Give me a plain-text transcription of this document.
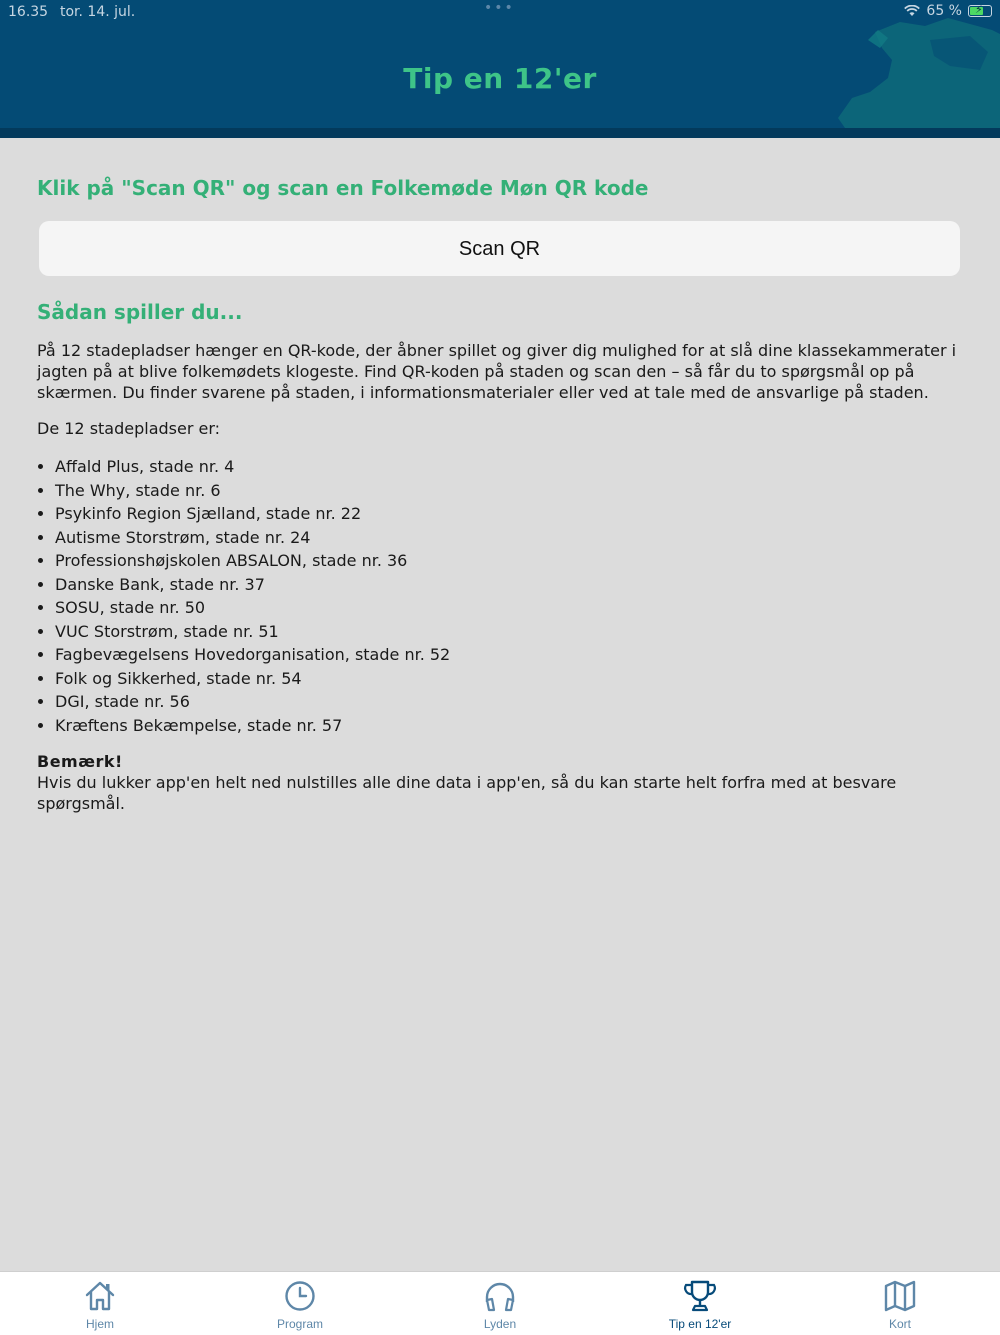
16.35 tor. 14. jul.	•••	65 % ⚡
Tip en 12'er
Klik på "Scan QR" og scan en Folkemøde Møn QR kode
Scan QR
Sådan spiller du...

På 12 stadepladser hænger en QR-kode, der åbner spillet og giver dig mulighed for at slå dine klassekammerater i jagten på at blive folkemødets klogeste. Find QR-koden på staden og scan den – så får du to spørgsmål op på skærmen. Du finder svarene på staden, i informationsmaterialer eller ved at tale med de ansvarlige på staden.

De 12 stadepladser er:

• Affald Plus, stade nr. 4
• The Why, stade nr. 6
• Psykinfo Region Sjælland, stade nr. 22
• Autisme Storstrøm, stade nr. 24
• Professionshøjskolen ABSALON, stade nr. 36
• Danske Bank, stade nr. 37
• SOSU, stade nr. 50
• VUC Storstrøm, stade nr. 51
• Fagbevægelsens Hovedorganisation, stade nr. 52
• Folk og Sikkerhed, stade nr. 54
• DGI, stade nr. 56
• Kræftens Bekæmpelse, stade nr. 57

Bemærk!

Hvis du lukker app'en helt ned nulstilles alle dine data i app'en, så du kan starte helt forfra med at besvare spørgsmål.

Hjem	Program	Lyden	Tip en 12'er	Kort
